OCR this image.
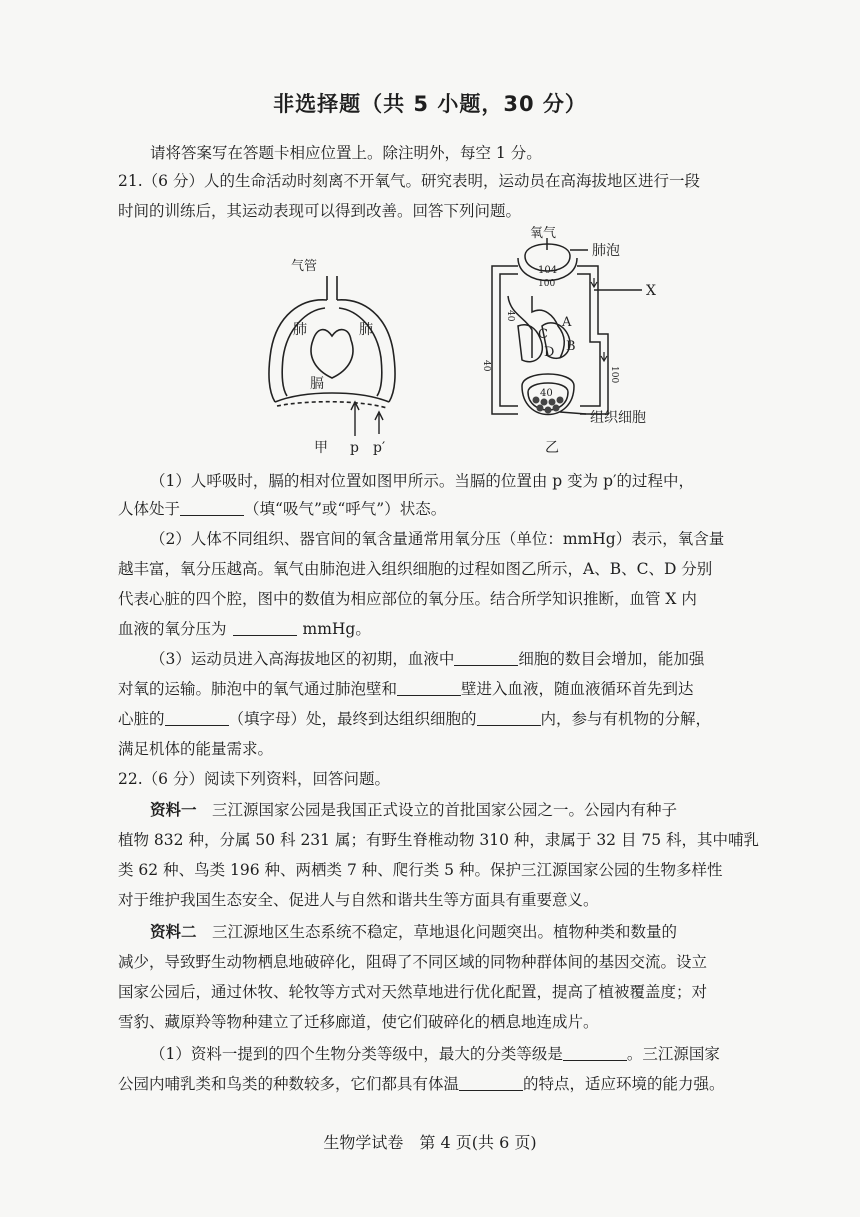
非选择题（共 5 小题，30 分）
请将答案写在答题卡相应位置上。除注明外，每空 1 分。
21.（6 分）人的生命活动时刻离不开氧气。研究表明，运动员在高海拔地区进行一段
时间的训练后，其运动表现可以得到改善。回答下列问题。
气管
肺	肺
膈
p p′
甲
氧气
肺泡
X
104
100
40
40
100
40
A
B
C
D
组织细胞
乙
（1）人呼吸时，膈的相对位置如图甲所示。当膈的位置由 p 变为 p′的过程中，
人体处于	（填“吸气”或“呼气”）状态。
（2）人体不同组织、器官间的氧含量通常用氧分压（单位：mmHg）表示，氧含量
越丰富，氧分压越高。氧气由肺泡进入组织细胞的过程如图乙所示，A、B、C、D 分别
代表心脏的四个腔，图中的数值为相应部位的氧分压。结合所学知识推断，血管 X 内
血液的氧分压为	mmHg。
（3）运动员进入高海拔地区的初期，血液中	细胞的数目会增加，能加强
对氧的运输。肺泡中的氧气通过肺泡壁和	壁进入血液，随血液循环首先到达
心脏的	（填字母）处，最终到达组织细胞的	内，参与有机物的分解，
满足机体的能量需求。
22.（6 分）阅读下列资料，回答问题。
资料一　 三江源国家公园是我国正式设立的首批国家公园之一。公园内有种子
植物 832 种，分属 50 科 231 属；有野生脊椎动物 310 种，隶属于 32 目 75 科，其中哺乳
类 62 种、鸟类 196 种、两栖类 7 种、爬行类 5 种。保护三江源国家公园的生物多样性
对于维护我国生态安全、促进人与自然和谐共生等方面具有重要意义。
资料二　 三江源地区生态系统不稳定，草地退化问题突出。植物种类和数量的
减少，导致野生动物栖息地破碎化，阻碍了不同区域的同物种群体间的基因交流。设立
国家公园后，通过休牧、轮牧等方式对天然草地进行优化配置，提高了植被覆盖度；对
雪豹、藏原羚等物种建立了迁移廊道，使它们破碎化的栖息地连成片。
（1）资料一提到的四个生物分类等级中，最大的分类等级是	。三江源国家
公园内哺乳类和鸟类的种数较多，它们都具有体温	的特点，适应环境的能力强。
生物学试卷　第 4 页(共 6 页)
